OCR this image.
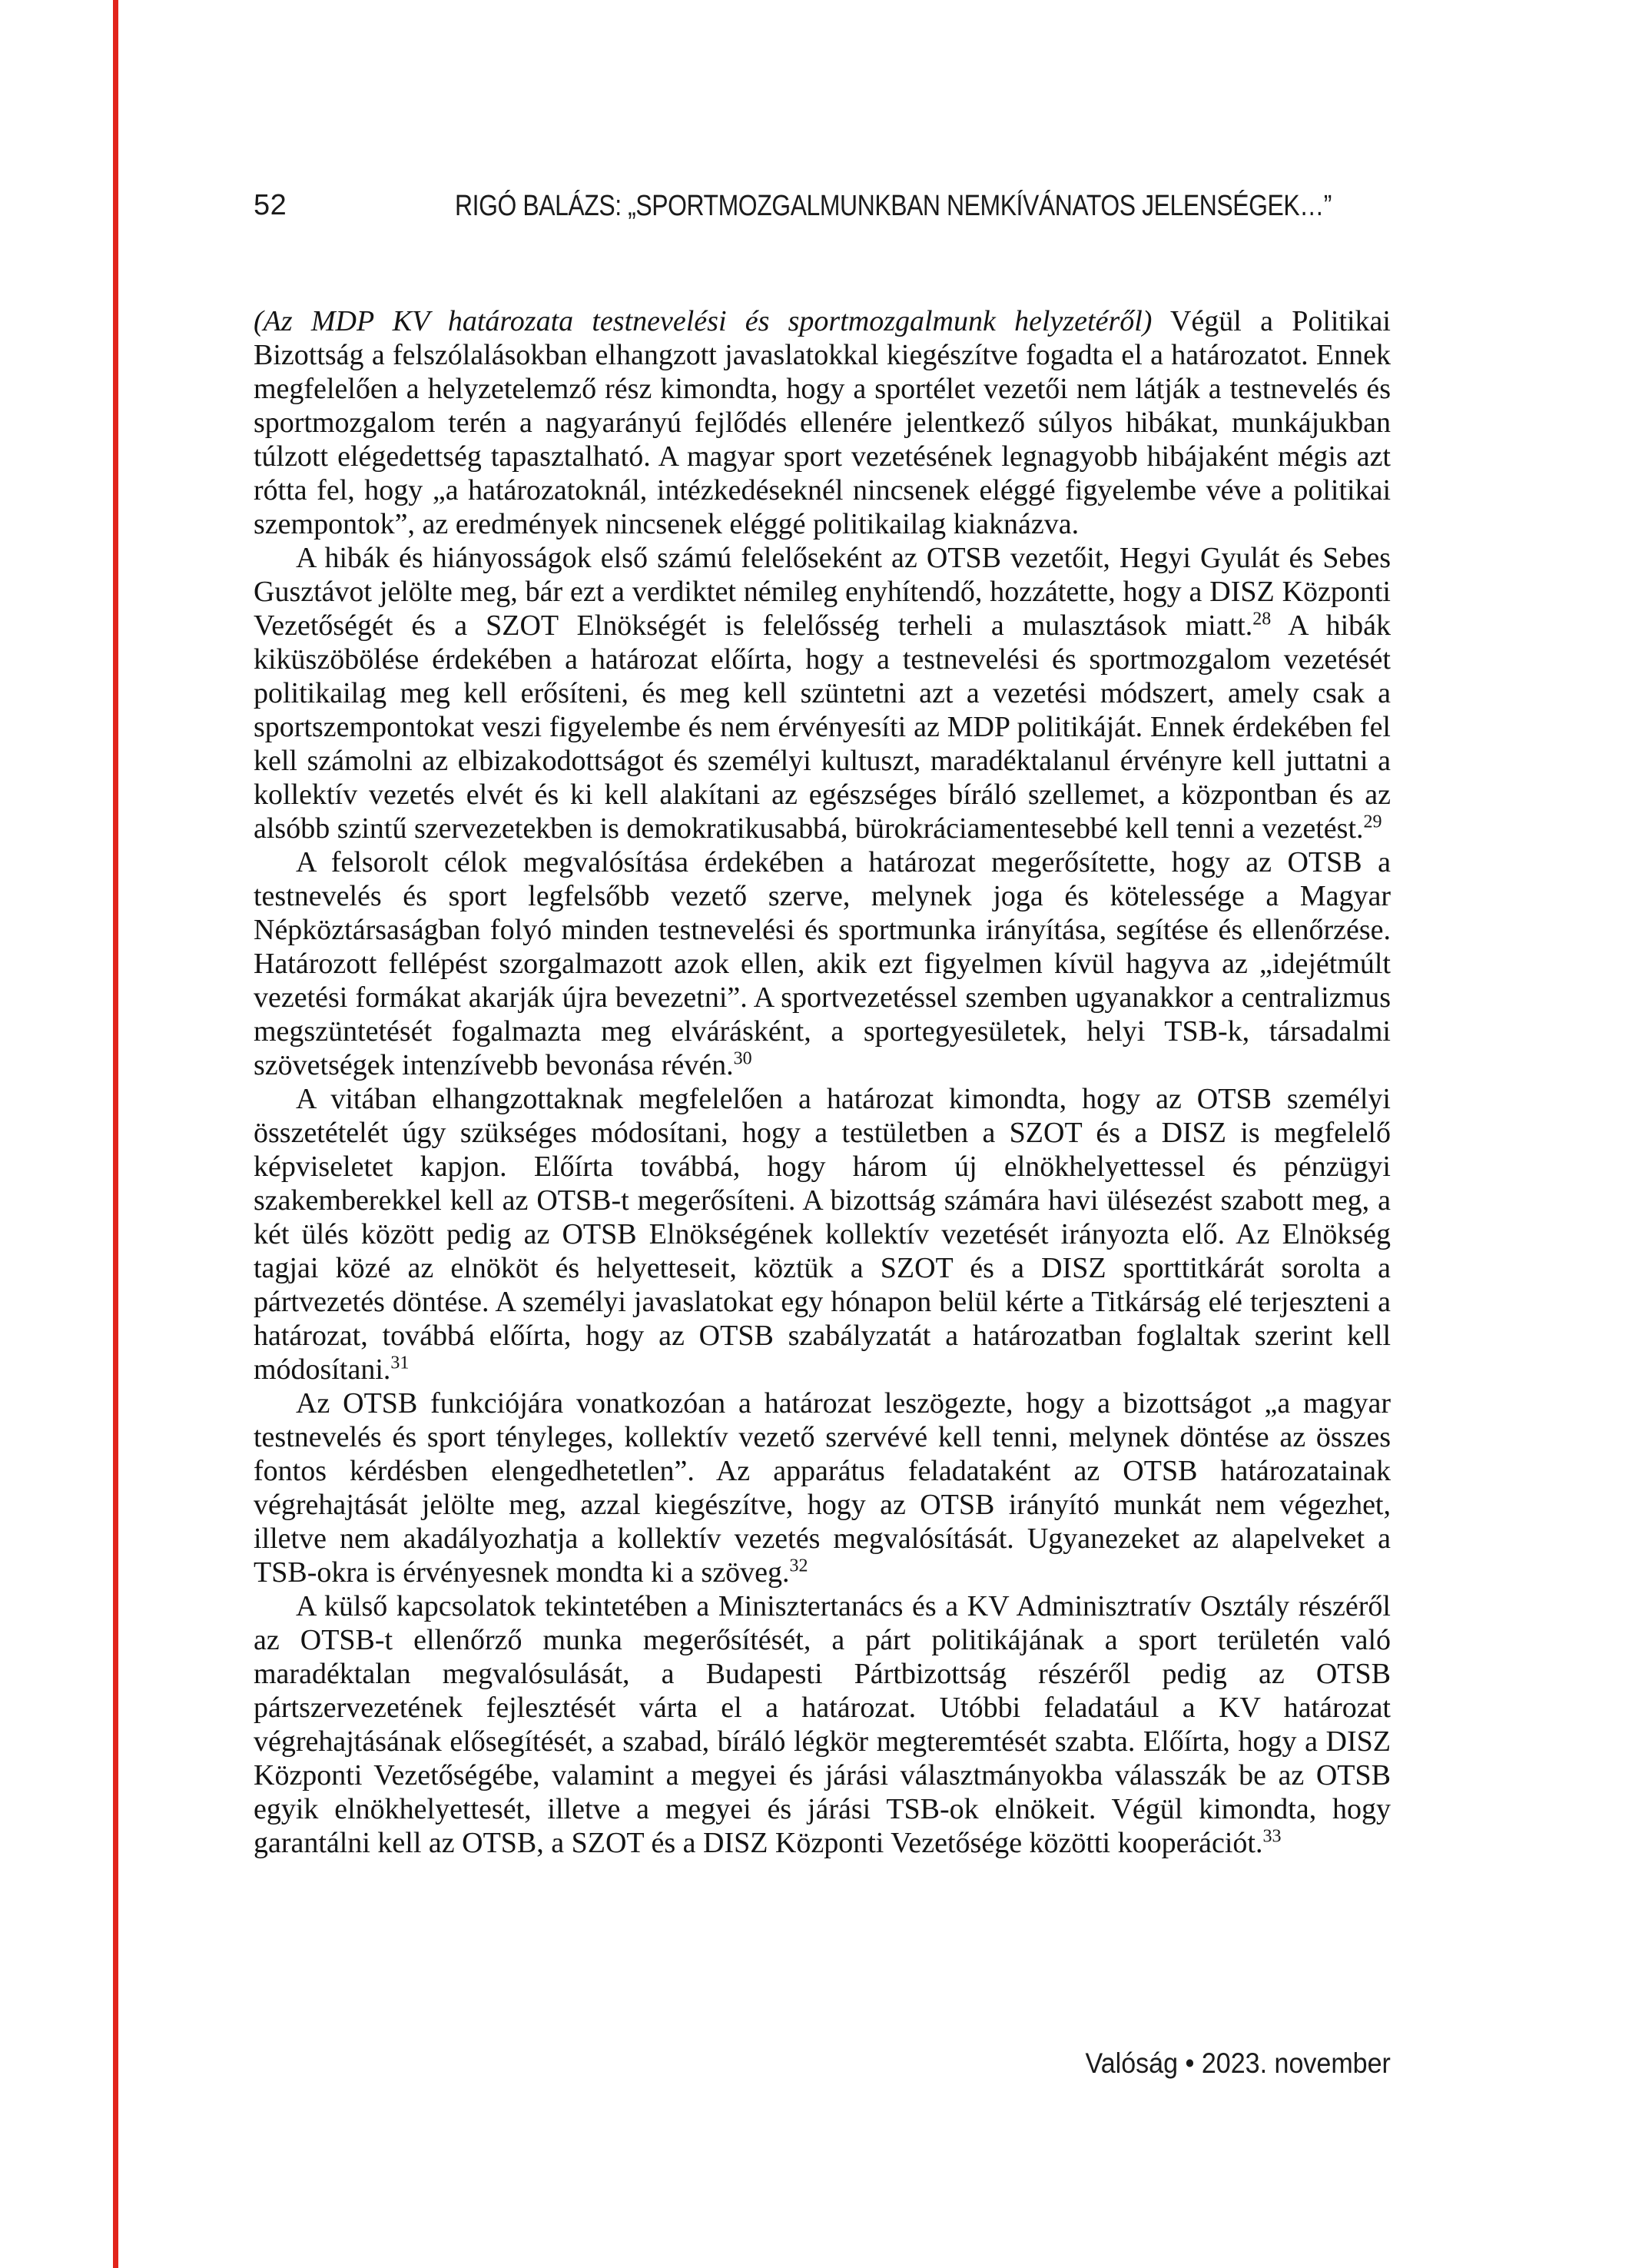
52	RIGÓ BALÁZS: „SPORTMOZGALMUNKBAN NEMKÍVÁNATOS JELENSÉGEK…”

(Az MDP KV határozata testnevelési és sportmozgalmunk helyzetéről) Végül a Politikai Bizottság a felszólalásokban elhangzott javaslatokkal kiegészítve fogadta el a határozatot. Ennek megfelelően a helyzetelemző rész kimondta, hogy a sportélet vezetői nem látják a testnevelés és sportmozgalom terén a nagyarányú fejlődés ellenére jelentkező súlyos hibákat, munkájukban túlzott elégedettség tapasztalható. A magyar sport vezetésének legnagyobb hibájaként mégis azt rótta fel, hogy „a határozatoknál, intézkedéseknél nincsenek eléggé figyelembe véve a politikai szempontok”, az eredmények nincsenek eléggé politikailag kiaknázva.

A hibák és hiányosságok első számú felelőseként az OTSB vezetőit, Hegyi Gyulát és Sebes Gusztávot jelölte meg, bár ezt a verdiktet némileg enyhítendő, hozzátette, hogy a DISZ Központi Vezetőségét és a SZOT Elnökségét is felelősség terheli a mulasztások miatt.$^{28}$ A hibák kiküszöbölése érdekében a határozat előírta, hogy a testnevelési és sportmozgalom vezetését politikailag meg kell erősíteni, és meg kell szüntetni azt a vezetési módszert, amely csak a sportszempontokat veszi figyelembe és nem érvényesíti az MDP politikáját. Ennek érdekében fel kell számolni az elbizakodottságot és személyi kultuszt, maradéktalanul érvényre kell juttatni a kollektív vezetés elvét és ki kell alakítani az egészséges bíráló szellemet, a központban és az alsóbb szintű szervezetekben is demokratikusabbá, bürokráciamentesebbé kell tenni a vezetést.$^{29}$

A felsorolt célok megvalósítása érdekében a határozat megerősítette, hogy az OTSB a testnevelés és sport legfelsőbb vezető szerve, melynek joga és kötelessége a Magyar Népköztársaságban folyó minden testnevelési és sportmunka irányítása, segítése és ellenőrzése. Határozott fellépést szorgalmazott azok ellen, akik ezt figyelmen kívül hagyva az „idejétmúlt vezetési formákat akarják újra bevezetni”. A sportvezetéssel szemben ugyanakkor a centralizmus megszüntetését fogalmazta meg elvárásként, a sportegyesületek, helyi TSB-k, társadalmi szövetségek intenzívebb bevonása révén.$^{30}$

A vitában elhangzottaknak megfelelően a határozat kimondta, hogy az OTSB személyi összetételét úgy szükséges módosítani, hogy a testületben a SZOT és a DISZ is megfelelő képviseletet kapjon. Előírta továbbá, hogy három új elnökhelyettessel és pénzügyi szakemberekkel kell az OTSB-t megerősíteni. A bizottság számára havi ülésezést szabott meg, a két ülés között pedig az OTSB Elnökségének kollektív vezetését irányozta elő. Az Elnökség tagjai közé az elnököt és helyetteseit, köztük a SZOT és a DISZ sporttitkárát sorolta a pártvezetés döntése. A személyi javaslatokat egy hónapon belül kérte a Titkárság elé terjeszteni a határozat, továbbá előírta, hogy az OTSB szabályzatát a határozatban foglaltak szerint kell módosítani.$^{31}$

Az OTSB funkciójára vonatkozóan a határozat leszögezte, hogy a bizottságot „a magyar testnevelés és sport tényleges, kollektív vezető szervévé kell tenni, melynek döntése az összes fontos kérdésben elengedhetetlen”. Az apparátus feladataként az OTSB határozatainak végrehajtását jelölte meg, azzal kiegészítve, hogy az OTSB irányító munkát nem végezhet, illetve nem akadályozhatja a kollektív vezetés megvalósítását. Ugyanezeket az alapelveket a TSB-okra is érvényesnek mondta ki a szöveg.$^{32}$

A külső kapcsolatok tekintetében a Minisztertanács és a KV Adminisztratív Osztály részéről az OTSB-t ellenőrző munka megerősítését, a párt politikájának a sport területén való maradéktalan megvalósulását, a Budapesti Pártbizottság részéről pedig az OTSB pártszervezetének fejlesztését várta el a határozat. Utóbbi feladatául a KV határozat végrehajtásának elősegítését, a szabad, bíráló légkör megteremtését szabta. Előírta, hogy a DISZ Központi Vezetőségébe, valamint a megyei és járási választmányokba válasszák be az OTSB egyik elnökhelyettesét, illetve a megyei és járási TSB-ok elnökeit. Végül kimondta, hogy garantálni kell az OTSB, a SZOT és a DISZ Központi Vezetősége közötti kooperációt.$^{33}$

Valóság • 2023. november
